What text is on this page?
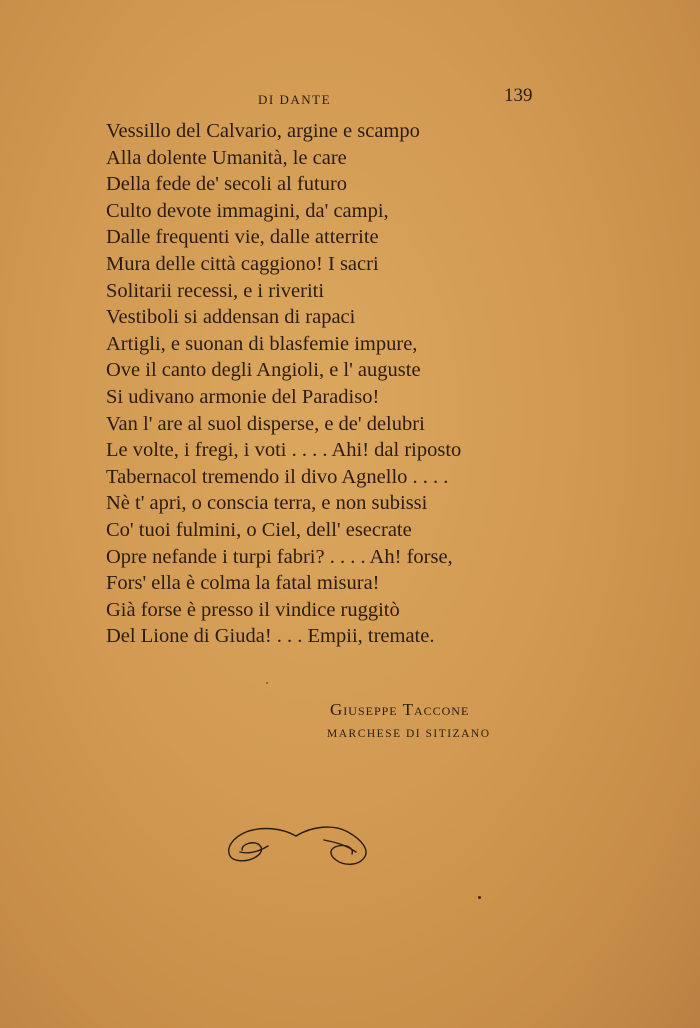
DI DANTE	139
Vessillo del Calvario, argine e scampo
Alla dolente Umanità, le care
Della fede de' secoli al futuro
Culto devote immagini, da' campi,
Dalle frequenti vie, dalle atterrite
Mura delle città caggiono! I sacri
Solitarii recessi, e i riveriti
Vestiboli si addensan di rapaci
Artigli, e suonan di blasfemie impure,
Ove il canto degli Angioli, e l' auguste
Si udivano armonie del Paradiso!
Van l' are al suol disperse, e de' delubri
Le volte, i fregi, i voti . . . . Ahi! dal riposto
Tabernacol tremendo il divo Agnello . . . .
Nè t' apri, o conscia terra, e non subissi
Co' tuoi fulmini, o Ciel, dell' esecrate
Opre nefande i turpi fabri? . . . . Ah! forse,
Fors' ella è colma la fatal misura!
Già forse è presso il vindice ruggitò
Del Lione di Giuda! . . . Empii, tremate.
Giuseppe Taccone
MARCHESE DI SITIZANO
